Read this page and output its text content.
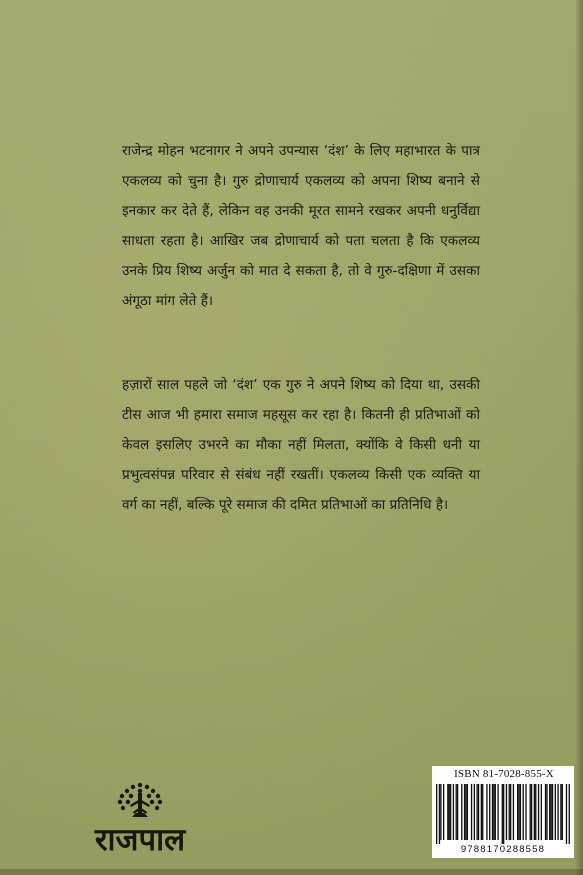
राजेन्द्र मोहन भटनागर ने अपने उपन्यास ‘दंश’ के लिए महाभारत के पात्र एकलव्य को चुना है। गुरु द्रोणाचार्य एकलव्य को अपना शिष्य बनाने से इनकार कर देते हैं, लेकिन वह उनकी मूरत सामने रखकर अपनी धनुर्विद्या साधता रहता है। आखिर जब द्रोणाचार्य को पता चलता है कि एकलव्य उनके प्रिय शिष्य अर्जुन को मात दे सकता है, तो वे गुरु-दक्षिणा में उसका अंगूठा मांग लेते हैं।

हज़ारों साल पहले जो ‘दंश’ एक गुरु ने अपने शिष्य को दिया था, उसकी टीस आज भी हमारा समाज महसूस कर रहा है। कितनी ही प्रतिभाओं को केवल इसलिए उभरने का मौका नहीं मिलता, क्योंकि वे किसी धनी या प्रभुत्वसंपन्न परिवार से संबंध नहीं रखतीं। एकलव्य किसी एक व्यक्ति या वर्ग का नहीं, बल्कि पूरे समाज की दमित प्रतिभाओं का प्रतिनिधि है।

राजपाल
ISBN 81-7028-855-X
9788170288558
